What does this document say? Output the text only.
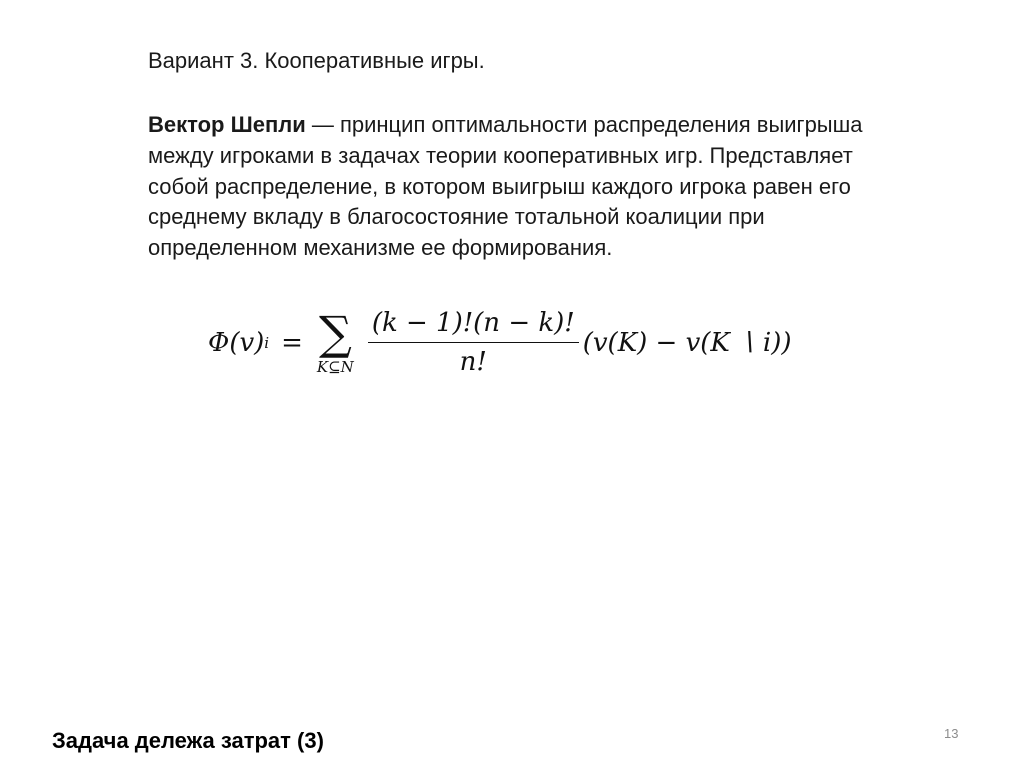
Вариант 3. Кооперативные игры.
Вектор Шепли — принцип оптимальности распределения выигрыша между игроками в задачах теории кооперативных игр. Представляет собой распределение, в котором выигрыш каждого игрока равен его среднему вкладу в благосостояние тотальной коалиции при определенном механизме ее формирования.
Φ(v) i = ∑
K⊆N $\frac{(k - 1)!(n - k)!}{n!} (v(K) - v(K$ ∖ i))
Задача дележа затрат (3)	13
